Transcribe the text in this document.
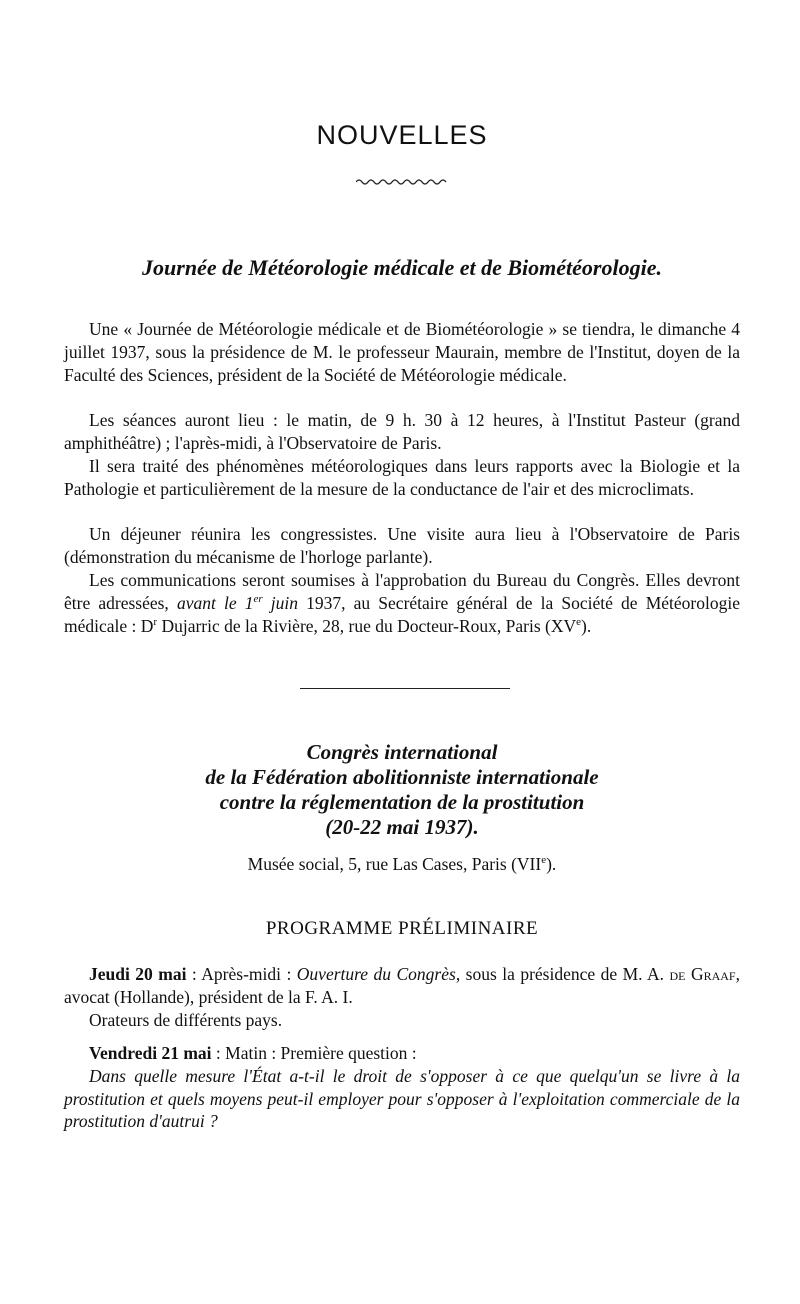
NOUVELLES
Journée de Météorologie médicale et de Biométéorologie.

Une « Journée de Météorologie médicale et de Biométéorologie » se tiendra, le dimanche 4 juillet 1937, sous la présidence de M. le professeur Maurain, membre de l'Institut, doyen de la Faculté des Sciences, président de la Société de Météorologie médicale.

Les séances auront lieu : le matin, de 9 h. 30 à 12 heures, à l'Institut Pasteur (grand amphithéâtre) ; l'après-midi, à l'Observatoire de Paris.

Il sera traité des phénomènes météorologiques dans leurs rapports avec la Biologie et la Pathologie et particulièrement de la mesure de la conductance de l'air et des microclimats.

Un déjeuner réunira les congressistes. Une visite aura lieu à l'Observatoire de Paris (démonstration du mécanisme de l'horloge parlante).

Les communications seront soumises à l'approbation du Bureau du Congrès. Elles devront être adressées, avant le 1er juin 1937, au Secrétaire général de la Société de Météorologie médicale : $D^r$ Dujarric de la Rivière, 28, rue du Docteur-Roux, Paris (XVe).

Congrès international
de la Fédération abolitionniste internationale
contre la réglementation de la prostitution
(20-22 mai 1937).
Musée social, 5, rue Las Cases, Paris (VIIe).
PROGRAMME PRÉLIMINAIRE

Jeudi 20 mai : Après-midi : Ouverture du Congrès, sous la présidence de M. A. de Graaf, avocat (Hollande), président de la F. A. I.
Orateurs de différents pays.

Vendredi 21 mai : Matin : Première question :
Dans quelle mesure l'État a-t-il le droit de s'opposer à ce que quelqu'un se livre à la prostitution et quels moyens peut-il employer pour s'opposer à l'exploitation commerciale de la prostitution d'autrui ?
